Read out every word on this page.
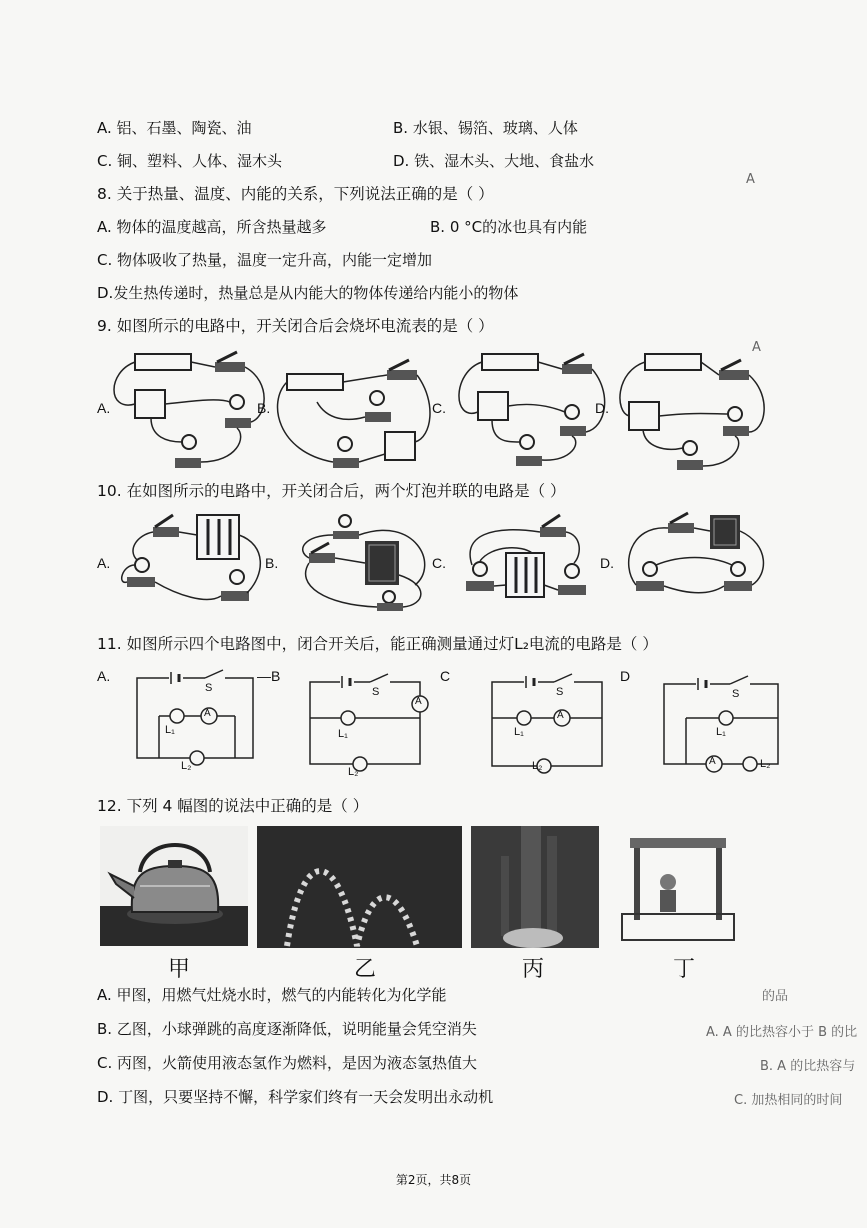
A. 铝、石墨、陶瓷、油	B. 水银、锡箔、玻璃、人体
C. 铜、塑料、人体、湿木头	D. 铁、湿木头、大地、食盐水
8. 关于热量、温度、内能的关系，下列说法正确的是（ ）
A. 物体的温度越高，所含热量越多	B. 0 °C的冰也具有内能
C. 物体吸收了热量，温度一定升高，内能一定增加
D.发生热传递时，热量总是从内能大的物体传递给内能小的物体
9. 如图所示的电路中，开关闭合后会烧坏电流表的是（ ）
A.	B.	C.	D.
10. 在如图所示的电路中，开关闭合后，两个灯泡并联的电路是（ ）
A.	B.	C.	D.
11. 如图所示四个电路图中，闭合开关后，能正确测量通过灯L₂电流的电路是（ ）
A.	—B
S
A
L₁
L₂
A
S
L₁
L₂
C
A
S
L₁
L₂
D
A
S
L₁
L₂
12. 下列 4 幅图的说法中正确的是（ ）
甲	乙	丙	丁
A. 甲图，用燃气灶烧水时，燃气的内能转化为化学能
B. 乙图，小球弹跳的高度逐渐降低，说明能量会凭空消失
C. 丙图，火箭使用液态氢作为燃料，是因为液态氢热值大
D. 丁图，只要坚持不懈，科学家们终有一天会发明出永动机
A
A
的品
A. A 的比热容小于 B 的比
B. A 的比热容与
C. 加热相同的时间
第2页，共8页
